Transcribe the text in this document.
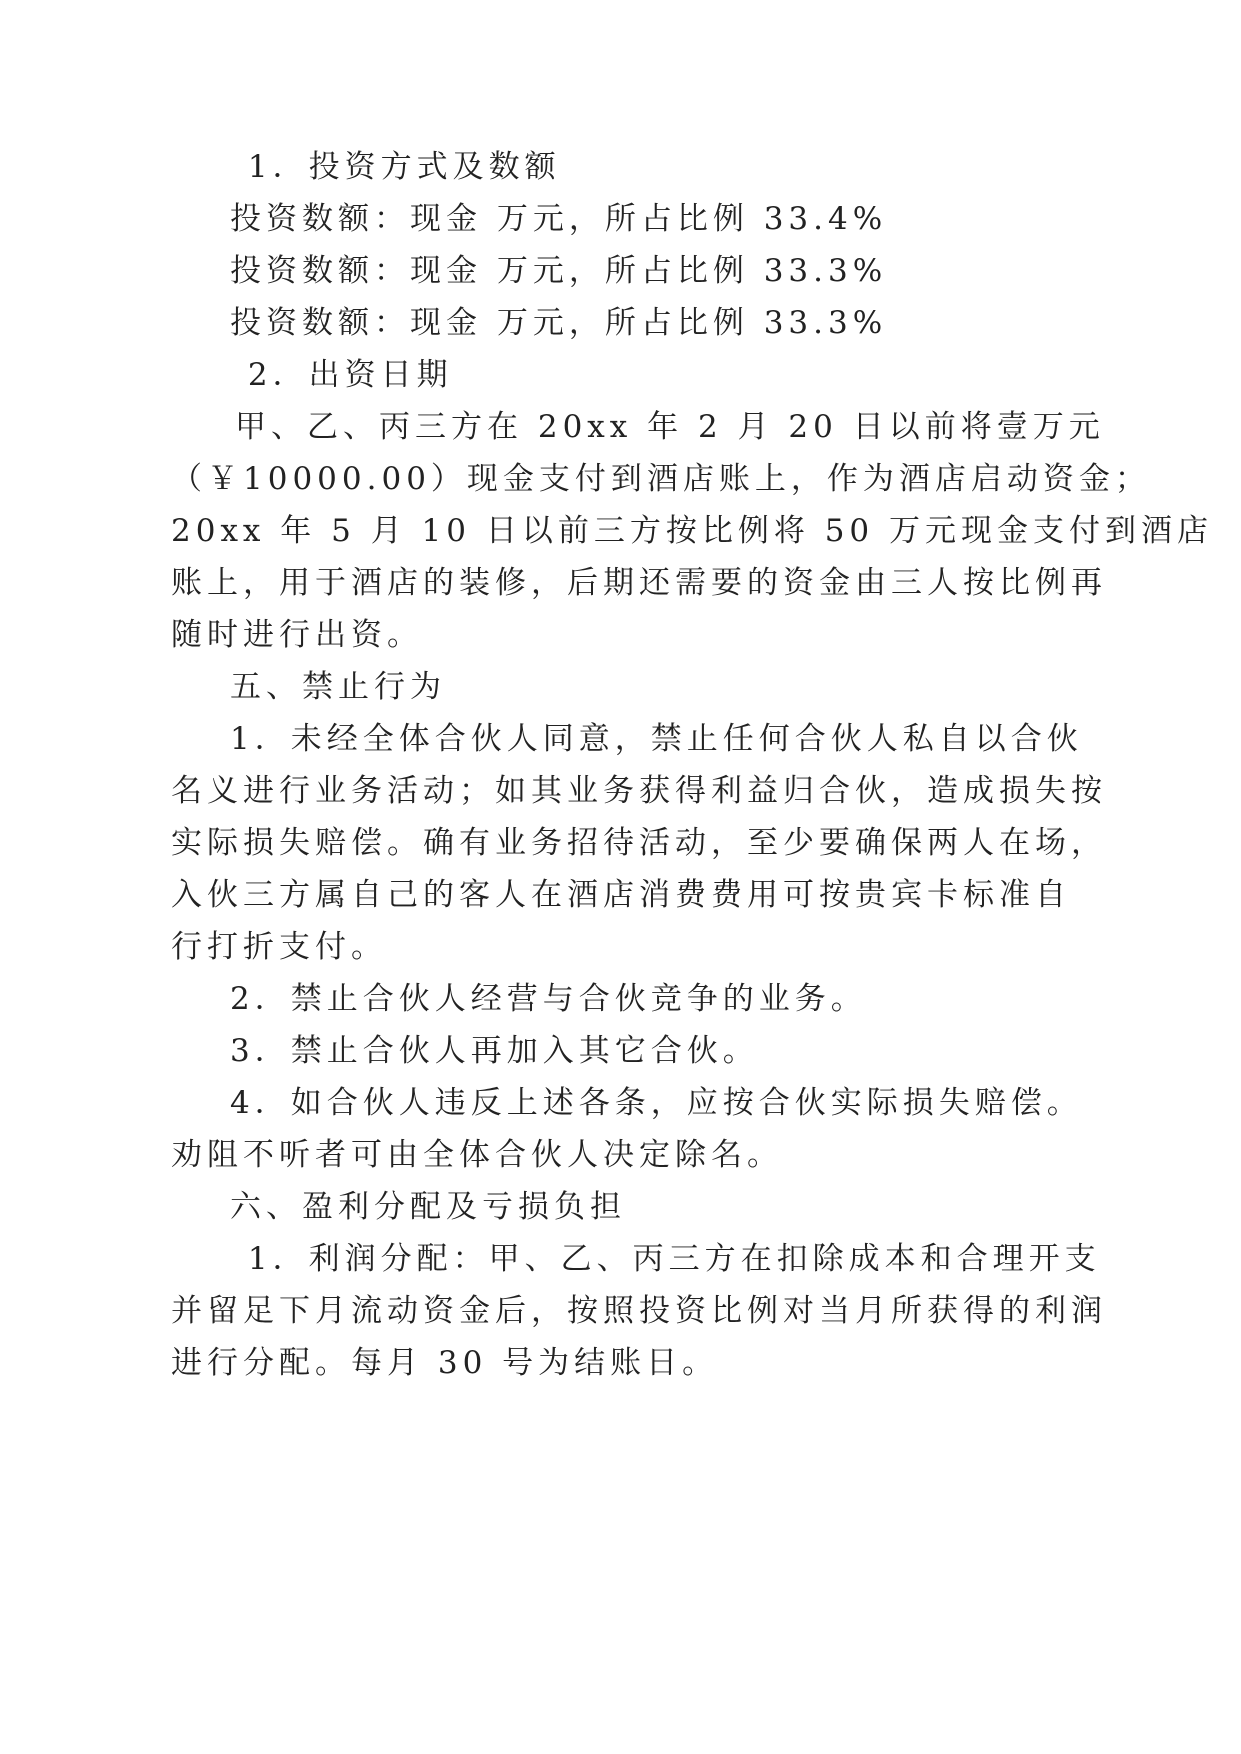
1．投资方式及数额
投资数额：现金 万元，所占比例 33.4%
投资数额：现金 万元，所占比例 33.3%
投资数额：现金 万元，所占比例 33.3%
2．出资日期
甲、乙、丙三方在 20xx 年 2 月 20 日以前将壹万元
（￥10000.00）现金支付到酒店账上，作为酒店启动资金；
20xx 年 5 月 10 日以前三方按比例将 50 万元现金支付到酒店
账上，用于酒店的装修，后期还需要的资金由三人按比例再
随时进行出资。
五、禁止行为
1．未经全体合伙人同意，禁止任何合伙人私自以合伙
名义进行业务活动；如其业务获得利益归合伙，造成损失按
实际损失赔偿。确有业务招待活动，至少要确保两人在场，
入伙三方属自己的客人在酒店消费费用可按贵宾卡标准自
行打折支付。
2．禁止合伙人经营与合伙竞争的业务。
3．禁止合伙人再加入其它合伙。
4．如合伙人违反上述各条，应按合伙实际损失赔偿。
劝阻不听者可由全体合伙人决定除名。
六、盈利分配及亏损负担
1．利润分配：甲、乙、丙三方在扣除成本和合理开支
并留足下月流动资金后，按照投资比例对当月所获得的利润
进行分配。每月 30 号为结账日。
